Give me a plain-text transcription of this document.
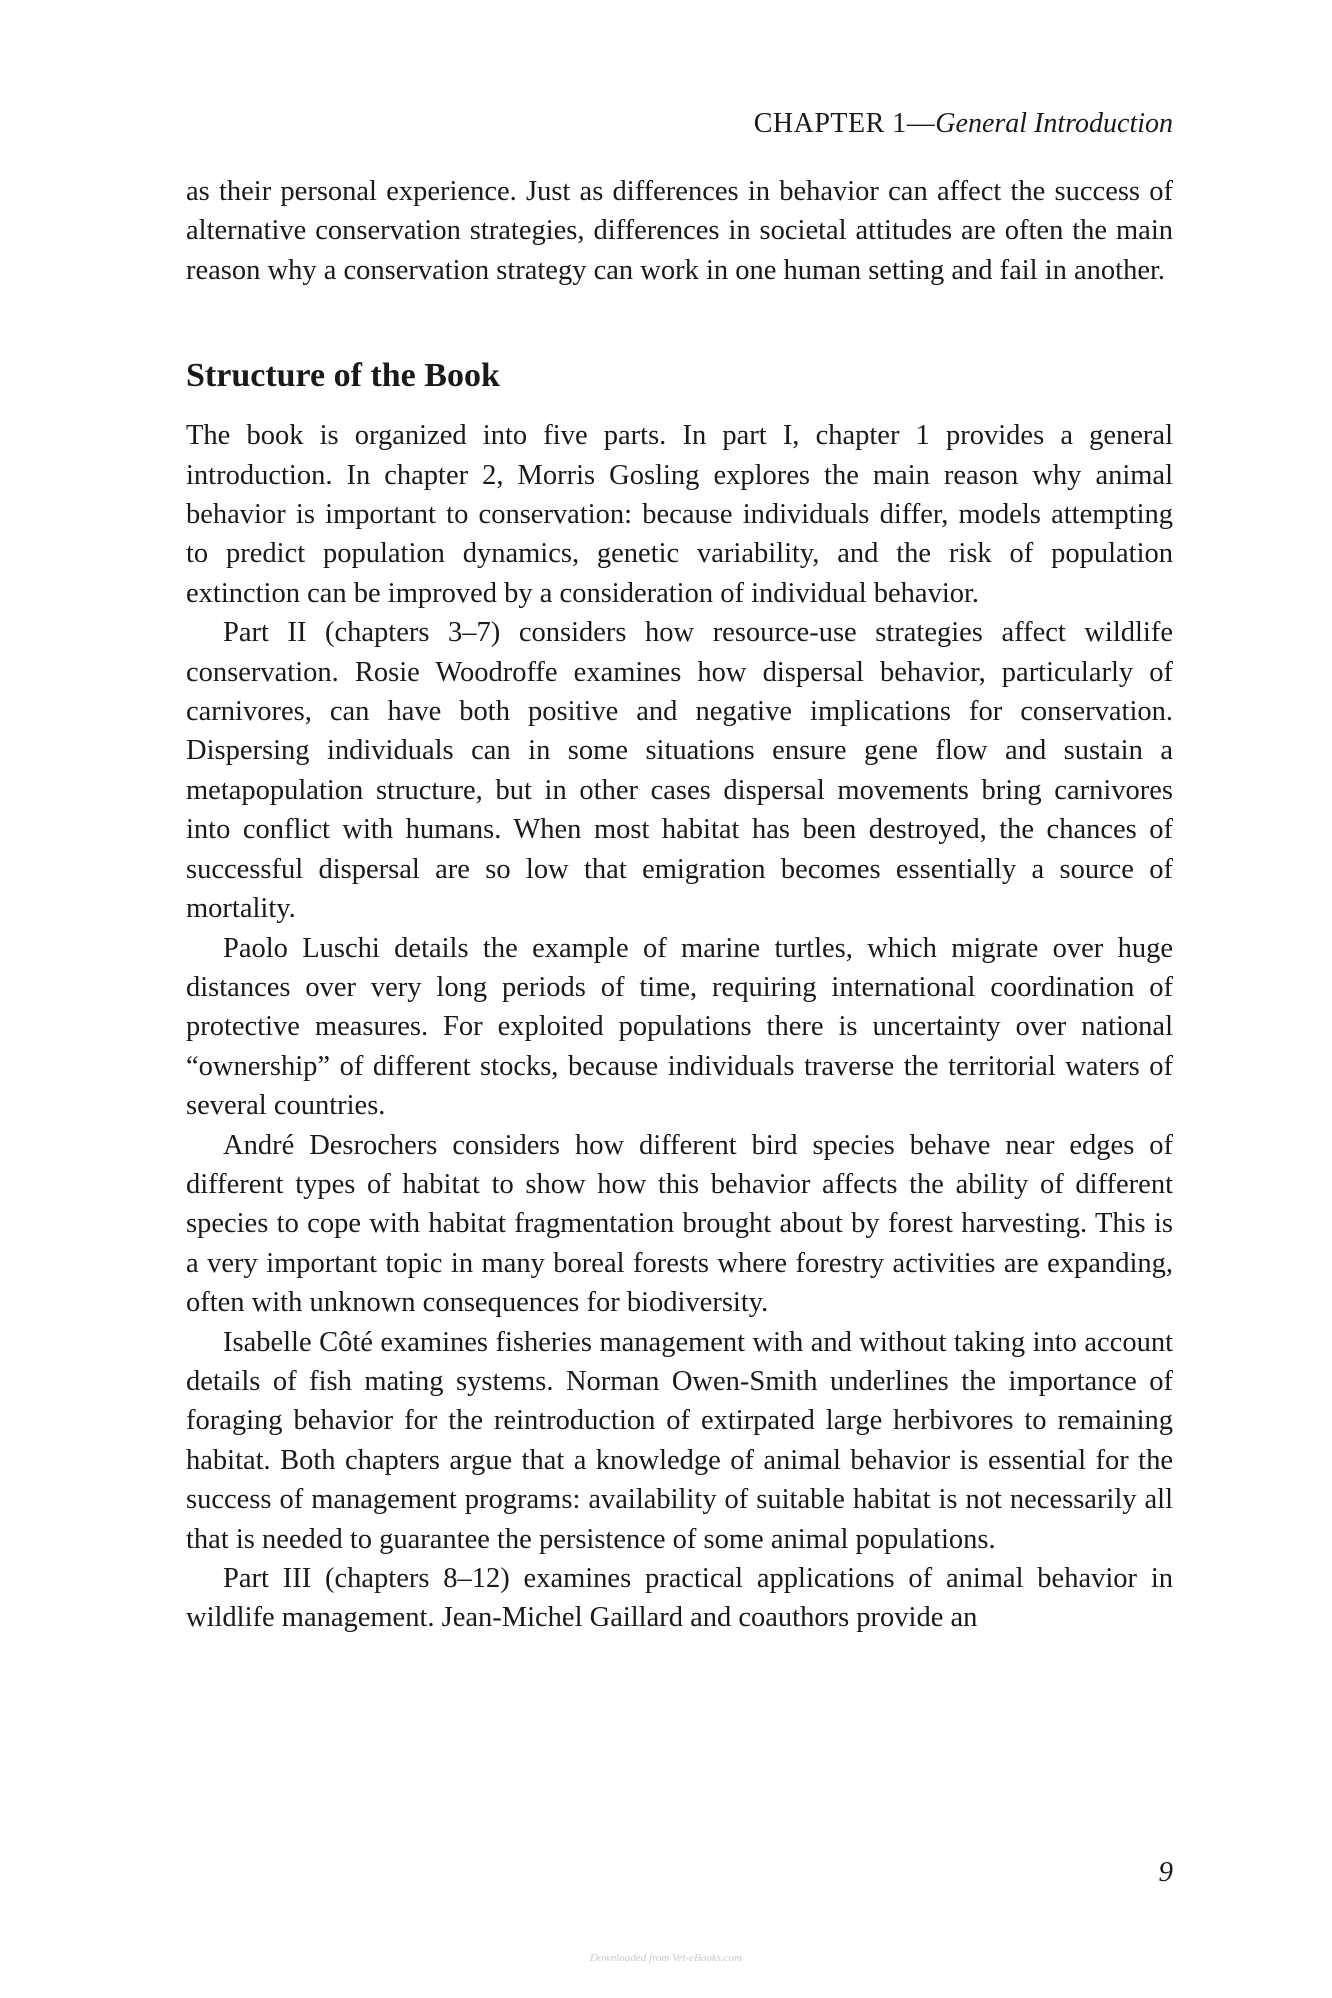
CHAPTER 1—General Introduction

as their personal experience. Just as differences in behavior can affect the success of alternative conservation strategies, differences in societal attitudes are often the main reason why a conservation strategy can work in one human setting and fail in another.

Structure of the Book

The book is organized into five parts. In part I, chapter 1 provides a general introduction. In chapter 2, Morris Gosling explores the main reason why animal behavior is important to conservation: because individuals differ, models attempting to predict population dynamics, genetic variability, and the risk of population extinction can be improved by a consideration of individual behavior.

Part II (chapters 3–7) considers how resource-use strategies affect wildlife conservation. Rosie Woodroffe examines how dispersal behavior, particularly of carnivores, can have both positive and negative implications for conservation. Dispersing individuals can in some situations ensure gene flow and sustain a metapopulation structure, but in other cases dispersal movements bring carnivores into conflict with humans. When most habitat has been destroyed, the chances of successful dispersal are so low that emigration becomes essentially a source of mortality.

Paolo Luschi details the example of marine turtles, which migrate over huge distances over very long periods of time, requiring international coordination of protective measures. For exploited populations there is uncertainty over national “ownership” of different stocks, because individuals traverse the territorial waters of several countries.

André Desrochers considers how different bird species behave near edges of different types of habitat to show how this behavior affects the ability of different species to cope with habitat fragmentation brought about by forest harvesting. This is a very important topic in many boreal forests where forestry activities are expanding, often with unknown consequences for biodiversity.

Isabelle Côté examines fisheries management with and without taking into account details of fish mating systems. Norman Owen-Smith underlines the importance of foraging behavior for the reintroduction of extirpated large herbivores to remaining habitat. Both chapters argue that a knowledge of animal behavior is essential for the success of management programs: availability of suitable habitat is not necessarily all that is needed to guarantee the persistence of some animal populations.

Part III (chapters 8–12) examines practical applications of animal behavior in wildlife management. Jean-Michel Gaillard and coauthors provide an

9
Downloaded from Vet-eBooks.com
